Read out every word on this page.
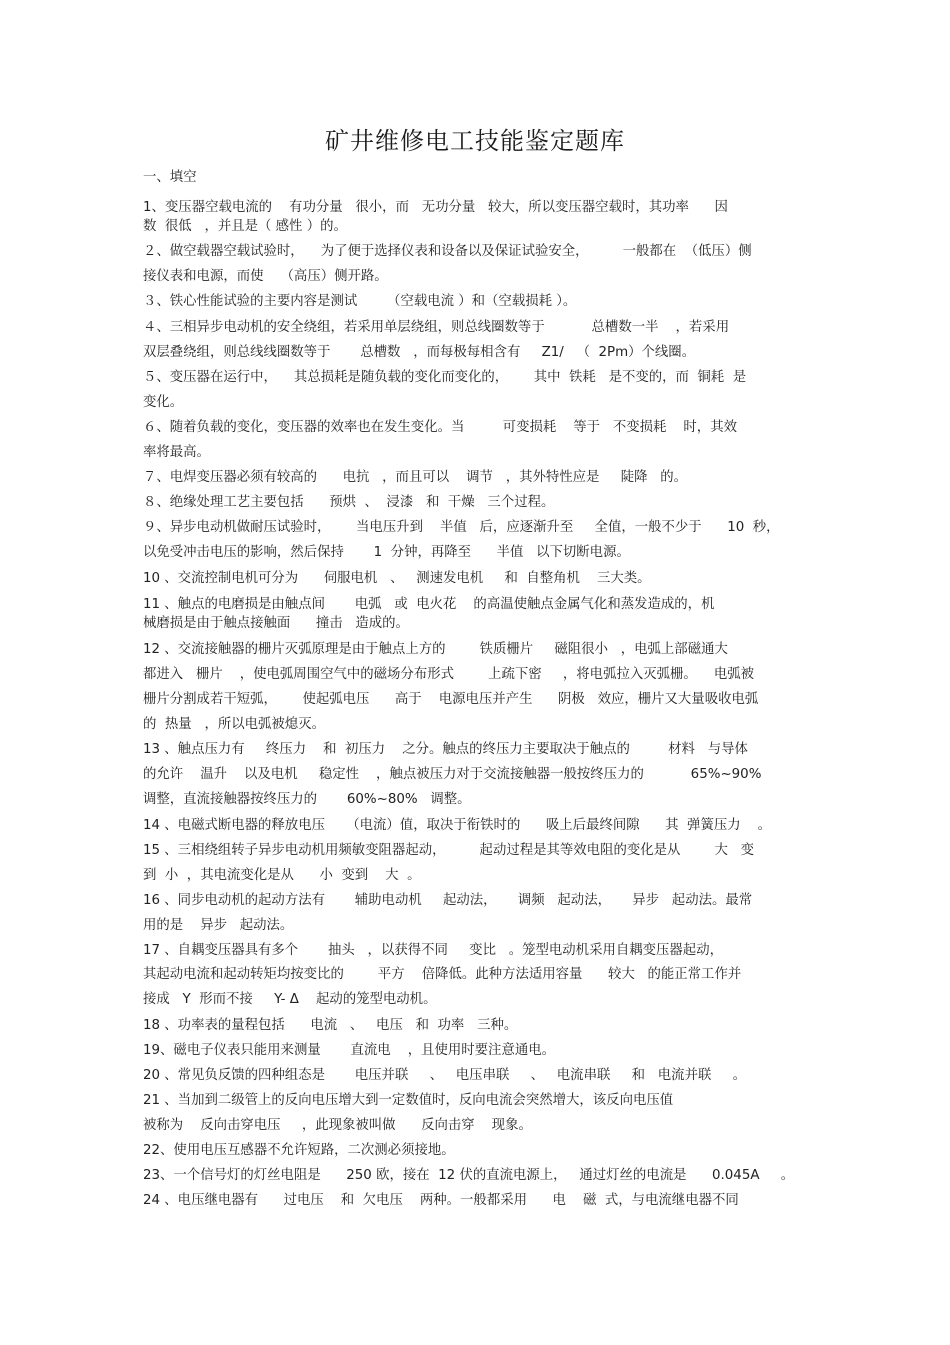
矿井维修电工技能鉴定题库
一、填空
1、变压器空载电流的    有功分量   很小，而   无功分量   较大，所以变压器空载时，其功率      因
数  很低   ，并且是（ 感性 ）的。
２、做空载器空载试验时，    为了便于选择仪表和设备以及保证试验安全，        一般都在  （低压）侧
接仪表和电源，而使    （高压）侧开路。
３、铁心性能试验的主要内容是测试       （空载电流 ）和（空载损耗 ）。
４、三相异步电动机的安全绕组，若采用单层绕组，则总线圈数等于           总槽数一半    ，若采用
双层叠绕组，则总线线圈数等于       总槽数   ，而每极每相含有     Z1/   （  2Pm）个线圈。
５、变压器在运行中，    其总损耗是随负载的变化而变化的，      其中  铁耗   是不变的，而  铜耗  是
变化。
６、随着负载的变化，变压器的效率也在发生变化。当         可变损耗    等于   不变损耗    时，其效
率将最高。
７、电焊变压器必须有较高的      电抗   ，而且可以    调节   ，其外特性应是     陡降   的。
８、绝缘处理工艺主要包括      预烘  、  浸漆   和  干燥   三个过程。
９、异步电动机做耐压试验时，      当电压升到    半值   后，应逐渐升至     全值，一般不少于      10  秒，
以免受冲击电压的影响，然后保持       1  分钟，再降至      半值   以下切断电源。
10 、交流控制电机可分为      伺服电机   、   测速发电机     和  自整角机    三大类。
11 、触点的电磨损是由触点间       电弧   或  电火花    的高温使触点金属气化和蒸发造成的，机
械磨损是由于触点接触面      撞击   造成的。
12 、交流接触器的栅片灭弧原理是由于触点上方的        铁质栅片     磁阻很小   ，电弧上部磁通大
都进入   栅片    ，使电弧周围空气中的磁场分布形式        上疏下密     ，将电弧拉入灭弧栅。    电弧被
栅片分割成若干短弧，      使起弧电压      高于    电源电压并产生      阴极   效应，栅片又大量吸收电弧
的  热量   ，所以电弧被熄灭。
13 、触点压力有     终压力    和  初压力    之分。触点的终压力主要取决于触点的         材料   与导体
的允许    温升    以及电机     稳定性    ，触点被压力对于交流接触器一般按终压力的           65%~90%
调整，直流接触器按终压力的       60%~80%   调整。
14 、电磁式断电器的释放电压     （电流）值，取决于衔铁时的      吸上后最终间隙      其  弹簧压力    。
15 、三相绕组转子异步电动机用频敏变阻器起动，        起动过程是其等效电阻的变化是从        大   变
到  小  ，其电流变化是从      小  变到    大  。
16 、同步电动机的起动方法有       辅助电动机     起动法，     调频   起动法，     异步   起动法。最常
用的是    异步   起动法。
17 、自耦变压器具有多个       抽头   ，以获得不同     变比   。笼型电动机采用自耦变压器起动，
其起动电流和起动转矩均按变比的        平方    倍降低。此种方法适用容量      较大   的能正常工作并
接成   Y  形而不接     Y- Δ    起动的笼型电动机。
18 、功率表的量程包括      电流   、   电压   和  功率   三种。
19、磁电子仪表只能用来测量       直流电    ，且使用时要注意通电。
20 、常见负反馈的四种组态是       电压并联     、   电压串联     、   电流串联     和   电流并联     。
21 、当加到二级管上的反向电压增大到一定数值时，反向电流会突然增大，该反向电压值
被称为    反向击穿电压     ，此现象被叫做      反向击穿    现象。
22、使用电压互感器不允许短路，二次测必须接地。
23、一个信号灯的灯丝电阻是      250 欧，接在  12 伏的直流电源上，   通过灯丝的电流是      0.045A     。
24 、电压继电器有      过电压    和  欠电压    两种。一般都采用      电    磁  式，与电流继电器不同
